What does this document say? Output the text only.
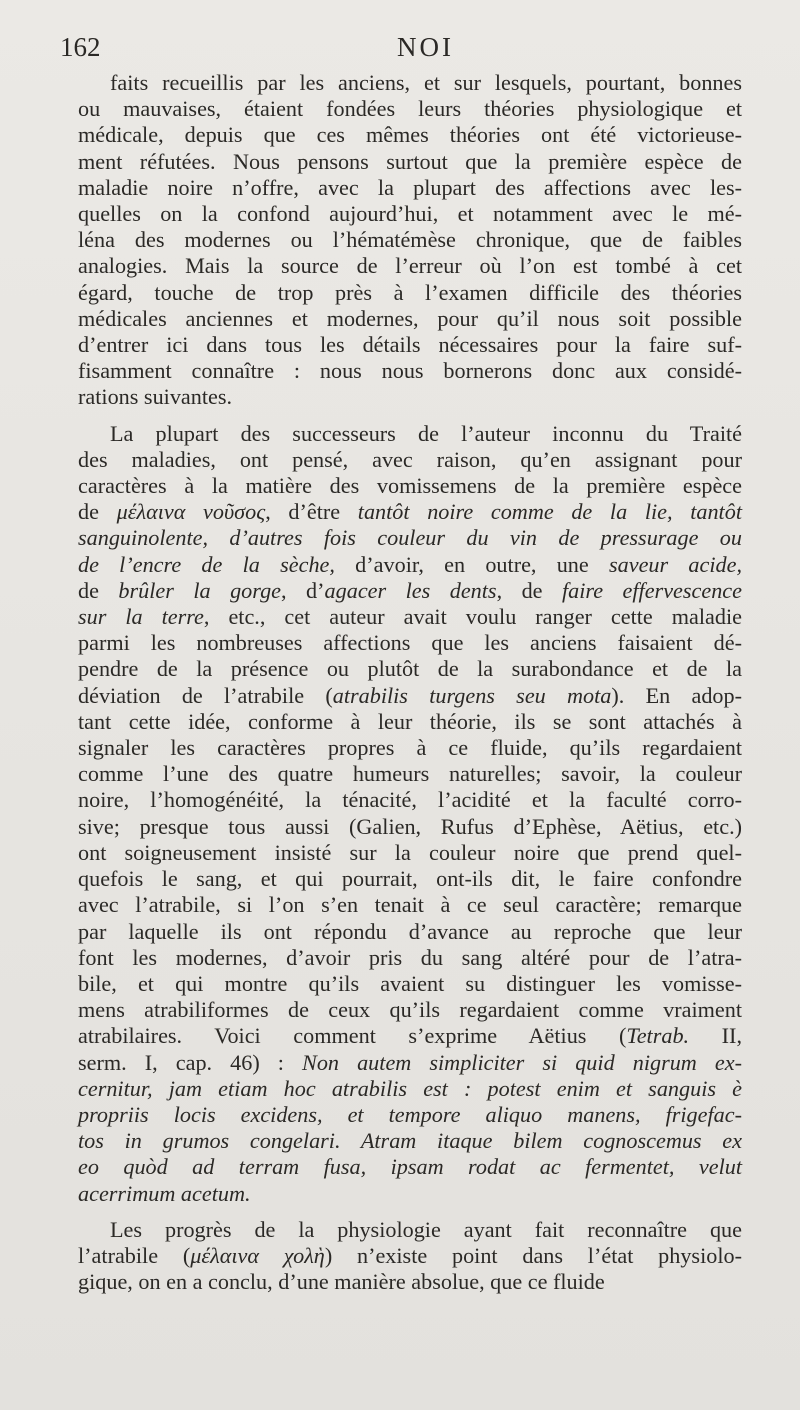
162	NOI
faits recueillis par les anciens, et sur lesquels, pourtant, bonnes
ou mauvaises, étaient fondées leurs théories physiologique et
médicale, depuis que ces mêmes théories ont été victorieuse-
ment réfutées. Nous pensons surtout que la première espèce de
maladie noire n’offre, avec la plupart des affections avec les-
quelles on la confond aujourd’hui, et notamment avec le mé-
léna des modernes ou l’hématémèse chronique, que de faibles
analogies. Mais la source de l’erreur où l’on est tombé à cet
égard, touche de trop près à l’examen difficile des théories
médicales anciennes et modernes, pour qu’il nous soit possible
d’entrer ici dans tous les détails nécessaires pour la faire suf-
fisamment connaître : nous nous bornerons donc aux considé-
rations suivantes.
La plupart des successeurs de l’auteur inconnu du Traité
des maladies, ont pensé, avec raison, qu’en assignant pour
caractères à la matière des vomissemens de la première espèce
de μέλαινα νοῦσος, d’être tantôt noire comme de la lie, tantôt
sanguinolente, d’autres fois couleur du vin de pressurage ou
de l’encre de la sèche, d’avoir, en outre, une saveur acide,
de brûler la gorge, d’agacer les dents, de faire effervescence
sur la terre, etc., cet auteur avait voulu ranger cette maladie
parmi les nombreuses affections que les anciens faisaient dé-
pendre de la présence ou plutôt de la surabondance et de la
déviation de l’atrabile (atrabilis turgens seu mota). En adop-
tant cette idée, conforme à leur théorie, ils se sont attachés à
signaler les caractères propres à ce fluide, qu’ils regardaient
comme l’une des quatre humeurs naturelles; savoir, la couleur
noire, l’homogénéité, la ténacité, l’acidité et la faculté corro-
sive; presque tous aussi (Galien, Rufus d’Ephèse, Aëtius, etc.)
ont soigneusement insisté sur la couleur noire que prend quel-
quefois le sang, et qui pourrait, ont-ils dit, le faire confondre
avec l’atrabile, si l’on s’en tenait à ce seul caractère; remarque
par laquelle ils ont répondu d’avance au reproche que leur
font les modernes, d’avoir pris du sang altéré pour de l’atra-
bile, et qui montre qu’ils avaient su distinguer les vomisse-
mens atrabiliformes de ceux qu’ils regardaient comme vraiment
atrabilaires. Voici comment s’exprime Aëtius (Tetrab. II,
serm. I, cap. 46) : Non autem simpliciter si quid nigrum ex-
cernitur, jam etiam hoc atrabilis est : potest enim et sanguis è
propriis locis excidens, et tempore aliquo manens, frigefac-
tos in grumos congelari. Atram itaque bilem cognoscemus ex
eo quòd ad terram fusa, ipsam rodat ac fermentet, velut
acerrimum acetum.
Les progrès de la physiologie ayant fait reconnaître que
l’atrabile (μέλαινα χολὴ) n’existe point dans l’état physiolo-
gique, on en a conclu, d’une manière absolue, que ce fluide
